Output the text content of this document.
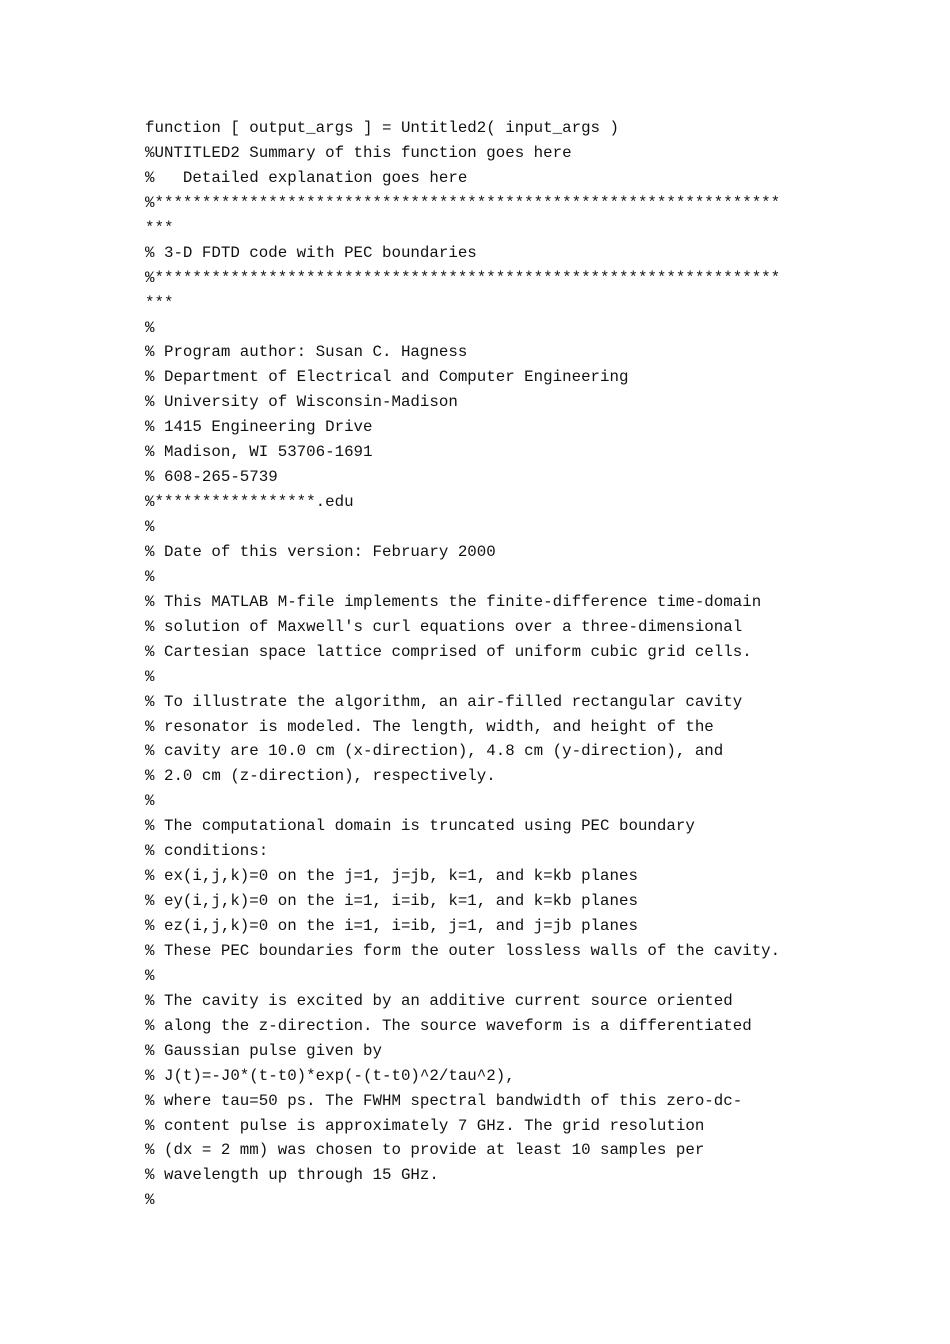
function [ output_args ] = Untitled2( input_args )
%UNTITLED2 Summary of this function goes here
%   Detailed explanation goes here
%******************************************************************
***
% 3-D FDTD code with PEC boundaries
%******************************************************************
***
%
% Program author: Susan C. Hagness
% Department of Electrical and Computer Engineering
% University of Wisconsin-Madison
% 1415 Engineering Drive
% Madison, WI 53706-1691
% 608-265-5739
%*****************.edu
%
% Date of this version: February 2000
%
% This MATLAB M-file implements the finite-difference time-domain
% solution of Maxwell's curl equations over a three-dimensional
% Cartesian space lattice comprised of uniform cubic grid cells.
%
% To illustrate the algorithm, an air-filled rectangular cavity
% resonator is modeled. The length, width, and height of the
% cavity are 10.0 cm (x-direction), 4.8 cm (y-direction), and
% 2.0 cm (z-direction), respectively.
%
% The computational domain is truncated using PEC boundary
% conditions:
% ex(i,j,k)=0 on the j=1, j=jb, k=1, and k=kb planes
% ey(i,j,k)=0 on the i=1, i=ib, k=1, and k=kb planes
% ez(i,j,k)=0 on the i=1, i=ib, j=1, and j=jb planes
% These PEC boundaries form the outer lossless walls of the cavity.
%
% The cavity is excited by an additive current source oriented
% along the z-direction. The source waveform is a differentiated
% Gaussian pulse given by
% J(t)=-J0*(t-t0)*exp(-(t-t0)^2/tau^2),
% where tau=50 ps. The FWHM spectral bandwidth of this zero-dc-
% content pulse is approximately 7 GHz. The grid resolution
% (dx = 2 mm) was chosen to provide at least 10 samples per
% wavelength up through 15 GHz.
%
